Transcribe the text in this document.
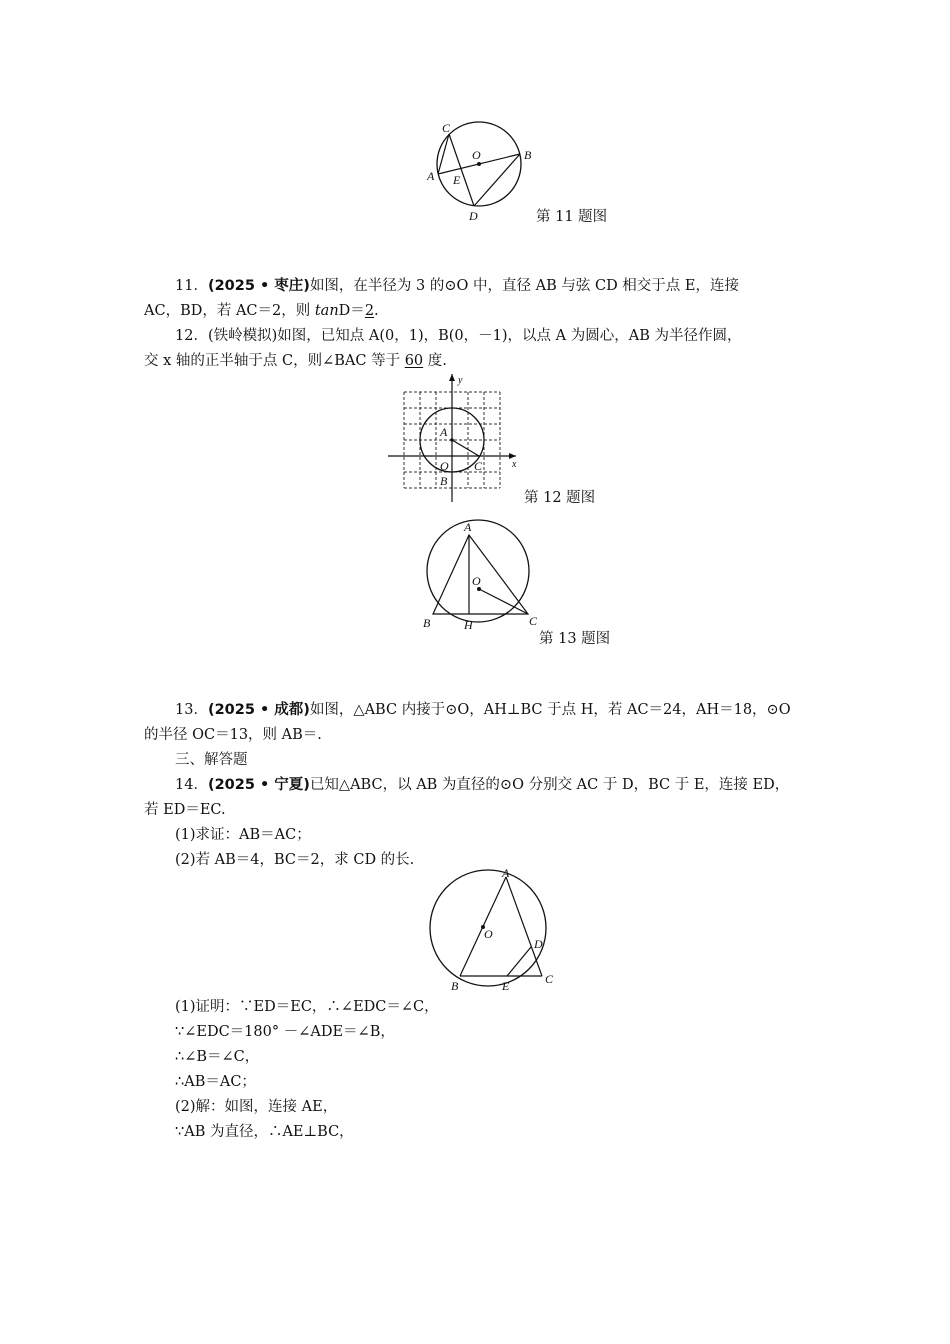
C
O	B
A E
D	第 11 题图
11．(2025 • 枣庄)如图，在半径为 3 的⊙O 中，直径 AB 与弦 CD 相交于点 E，连接
AC，BD，若 AC＝2，则 tanD＝2.
12．(铁岭模拟)如图，已知点 A(0，1)，B(0，－1)，以点 A 为圆心，AB 为半径作圆，
交 x 轴的正半轴于点 C，则∠BAC 等于 60 度.
y
x
A
O C
B
第 12 题图
A
O
B	H	C
第 13 题图
13．(2025 • 成都)如图，△ABC 内接于⊙O，AH⊥BC 于点 H，若 AC＝24，AH＝18，⊙O
的半径 OC＝13，则 AB＝.
三、解答题
14．(2025 • 宁夏)已知△ABC，以 AB 为直径的⊙O 分别交 AC 于 D，BC 于 E，连接 ED，
若 ED＝EC.
(1)求证：AB＝AC；
(2)若 AB＝4，BC＝2，求 CD 的长.
A
O
D
B	E	C
(1)证明：∵ED＝EC，∴∠EDC＝∠C，
∵∠EDC＝180° －∠ADE＝∠B，
∴∠B＝∠C，
∴AB＝AC；
(2)解：如图，连接 AE，
∵AB 为直径，∴AE⊥BC，
